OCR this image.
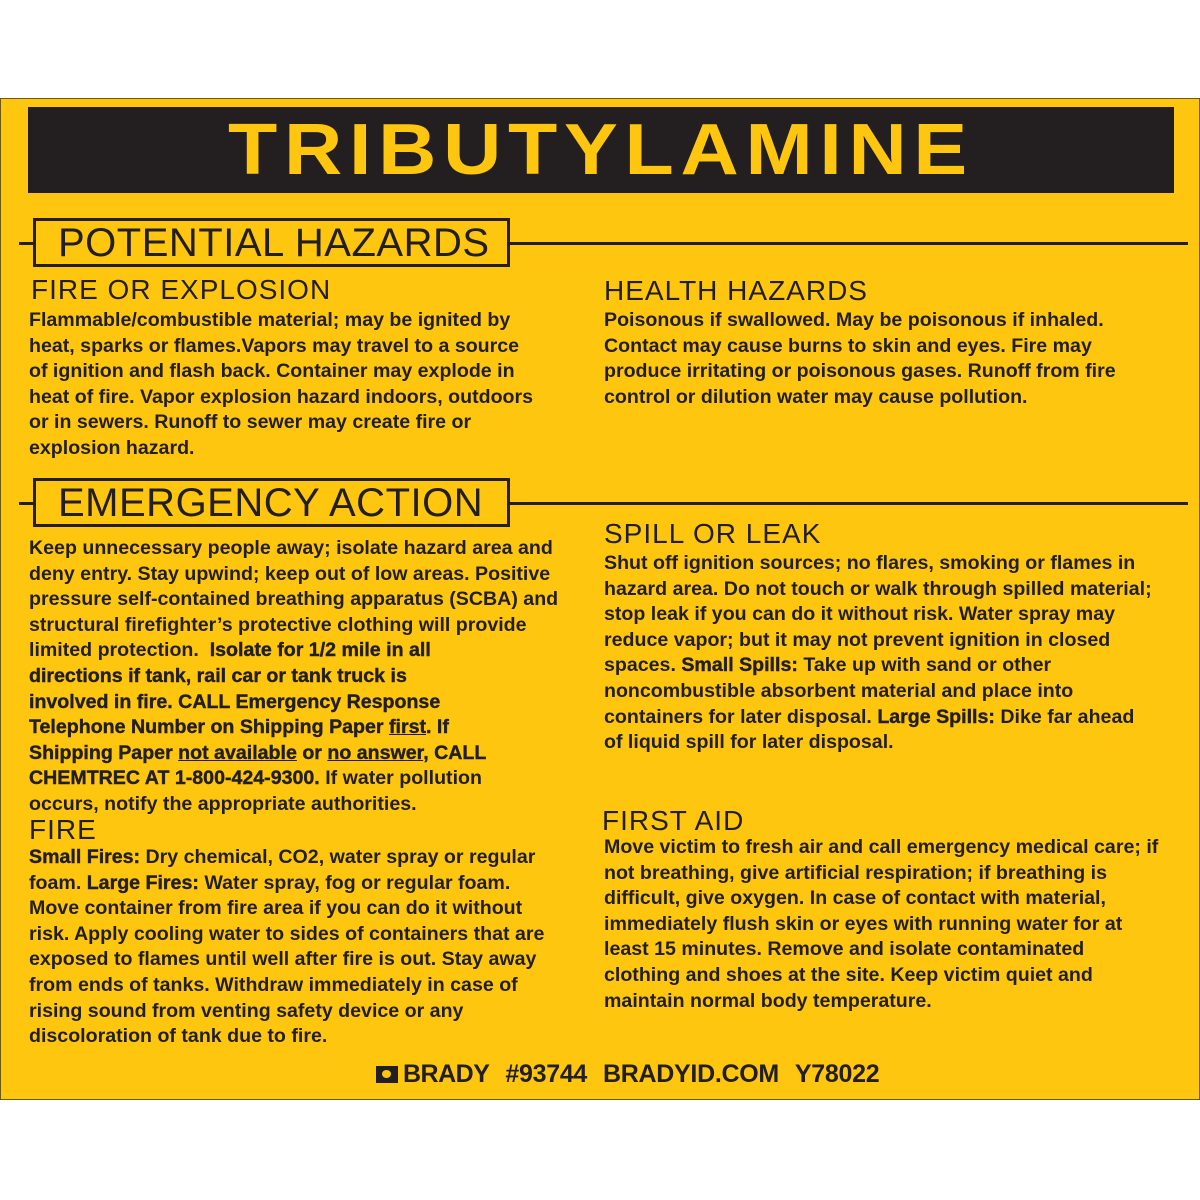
TRIBUTYLAMINE
POTENTIAL HAZARDS
FIRE OR EXPLOSION
Flammable/combustible material; may be ignited by
heat, sparks or flames.Vapors may travel to a source
of ignition and flash back. Container may explode in
heat of fire. Vapor explosion hazard indoors, outdoors
or in sewers. Runoff to sewer may create fire or
explosion hazard.
HEALTH HAZARDS
Poisonous if swallowed. May be poisonous if inhaled.
Contact may cause burns to skin and eyes. Fire may
produce irritating or poisonous gases. Runoff from fire
control or dilution water may cause pollution.
EMERGENCY ACTION
Keep unnecessary people away; isolate hazard area and
deny entry. Stay upwind; keep out of low areas. Positive
pressure self-contained breathing apparatus (SCBA) and
structural firefighter’s protective clothing will provide
limited protection. Isolate for 1/2 mile in all
directions if tank, rail car or tank truck is
involved in fire. CALL Emergency Response
Telephone Number on Shipping Paper first. If
Shipping Paper not available or no answer, CALL
CHEMTREC AT 1-800-424-9300. If water pollution
occurs, notify the appropriate authorities.
FIRE
Small Fires: Dry chemical, CO2, water spray or regular
foam. Large Fires: Water spray, fog or regular foam.
Move container from fire area if you can do it without
risk. Apply cooling water to sides of containers that are
exposed to flames until well after fire is out. Stay away
from ends of tanks. Withdraw immediately in case of
rising sound from venting safety device or any
discoloration of tank due to fire.
SPILL OR LEAK
Shut off ignition sources; no flares, smoking or flames in
hazard area. Do not touch or walk through spilled material;
stop leak if you can do it without risk. Water spray may
reduce vapor; but it may not prevent ignition in closed
spaces. Small Spills: Take up with sand or other
noncombustible absorbent material and place into
containers for later disposal. Large Spills: Dike far ahead
of liquid spill for later disposal.
FIRST AID
Move victim to fresh air and call emergency medical care; if
not breathing, give artificial respiration; if breathing is
difficult, give oxygen. In case of contact with material,
immediately flush skin or eyes with running water for at
least 15 minutes. Remove and isolate contaminated
clothing and shoes at the site. Keep victim quiet and
maintain normal body temperature.
BRADY #93744 BRADYID.COM Y78022
